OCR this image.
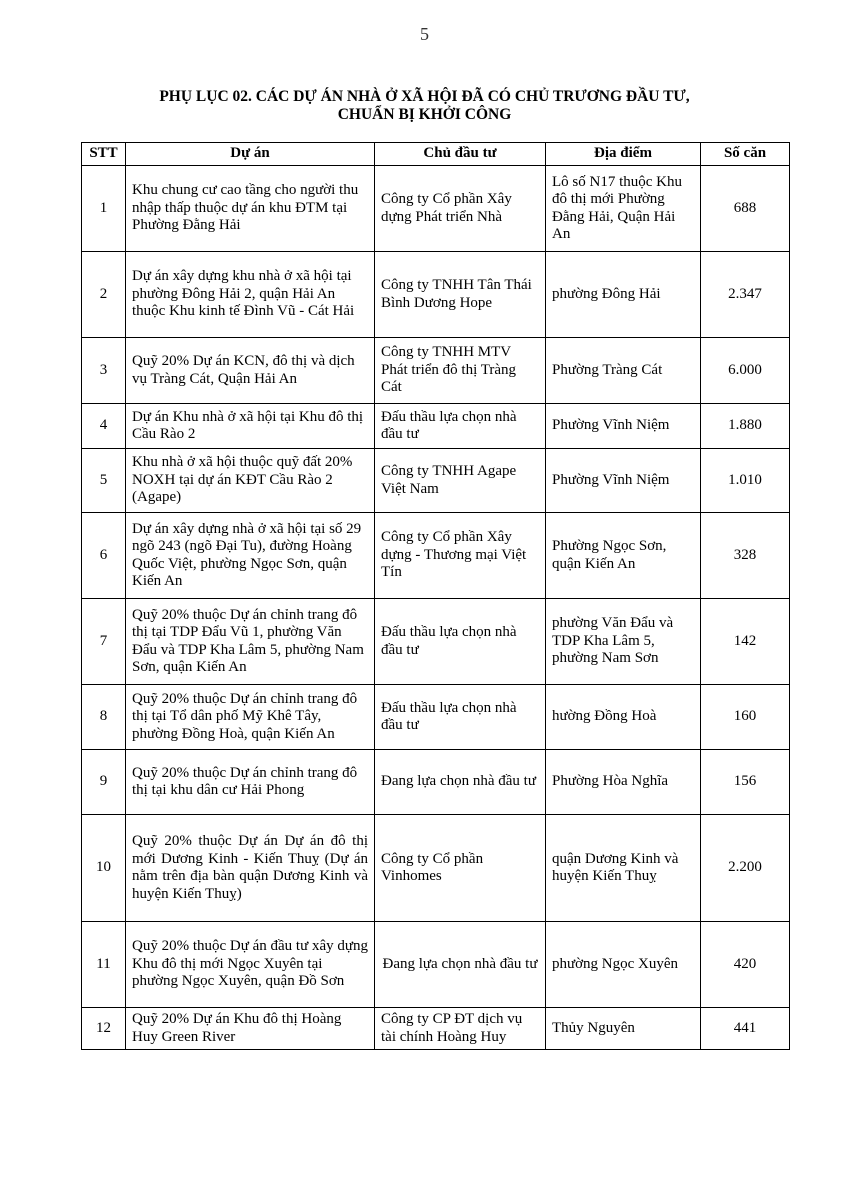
5
PHỤ LỤC 02. CÁC DỰ ÁN NHÀ Ở XÃ HỘI ĐÃ CÓ CHỦ TRƯƠNG ĐẦU TƯ,
CHUẨN BỊ KHỞI CÔNG
STT	Dự án	Chủ đầu tư	Địa điểm	Số căn
1	Khu chung cư cao tầng cho người thu nhập thấp thuộc dự án khu ĐTM tại Phường Đằng Hải	Công ty Cổ phần Xây dựng Phát triển Nhà	Lô số N17 thuộc Khu đô thị mới Phường Đằng Hải, Quận Hải An	688
2	Dự án xây dựng khu nhà ở xã hội tại phường Đông Hải 2, quận Hải An thuộc Khu kinh tế Đình Vũ - Cát Hải	Công ty TNHH Tân Thái Bình Dương Hope	phường Đông Hải	2.347
3	Quỹ 20% Dự án KCN, đô thị và dịch vụ Tràng Cát, Quận Hải An	Công ty TNHH MTV Phát triển đô thị Tràng Cát	Phường Tràng Cát	6.000
4	Dự án Khu nhà ở xã hội tại Khu đô thị Cầu Rào 2	Đấu thầu lựa chọn nhà đầu tư	Phường Vĩnh Niệm	1.880
5	Khu nhà ở xã hội thuộc quỹ đất 20% NOXH tại dự án KĐT Cầu Rào 2 (Agape)	Công ty TNHH Agape Việt Nam	Phường Vĩnh Niệm	1.010
6	Dự án xây dựng nhà ở xã hội tại số 29 ngõ 243 (ngõ Đại Tu), đường Hoàng Quốc Việt, phường Ngọc Sơn, quận Kiến An	Công ty Cổ phần Xây dựng - Thương mại Việt Tín	Phường Ngọc Sơn, quận Kiến An	328
7	Quỹ 20% thuộc Dự án chỉnh trang đô thị tại TDP Đẩu Vũ 1, phường Văn Đẩu và TDP Kha Lâm 5, phường Nam Sơn, quận Kiến An	Đấu thầu lựa chọn nhà đầu tư	phường Văn Đẩu và TDP Kha Lâm 5, phường Nam Sơn	142
8	Quỹ 20% thuộc Dự án chỉnh trang đô thị tại Tổ dân phố Mỹ Khê Tây, phường Đồng Hoà, quận Kiến An	Đấu thầu lựa chọn nhà đầu tư	hường Đồng Hoà	160
9	Quỹ 20% thuộc Dự án chỉnh trang đô thị tại khu dân cư Hải Phong	Đang lựa chọn nhà đầu tư	Phường Hòa Nghĩa	156
10	Quỹ 20% thuộc Dự án Dự án đô thị mới Dương Kinh - Kiến Thuỵ (Dự án nằm trên địa bàn quận Dương Kinh và huyện Kiến Thuỵ)	Công ty Cổ phần Vinhomes	quận Dương Kinh và huyện Kiến Thuỵ	2.200
11	Quỹ 20% thuộc Dự án đầu tư xây dựng Khu đô thị mới Ngọc Xuyên tại phường Ngọc Xuyên, quận Đồ Sơn	Đang lựa chọn nhà đầu tư	phường Ngọc Xuyên	420
12	Quỹ 20% Dự án Khu đô thị Hoàng Huy Green River	Công ty CP ĐT dịch vụ tài chính Hoàng Huy	Thủy Nguyên	441
